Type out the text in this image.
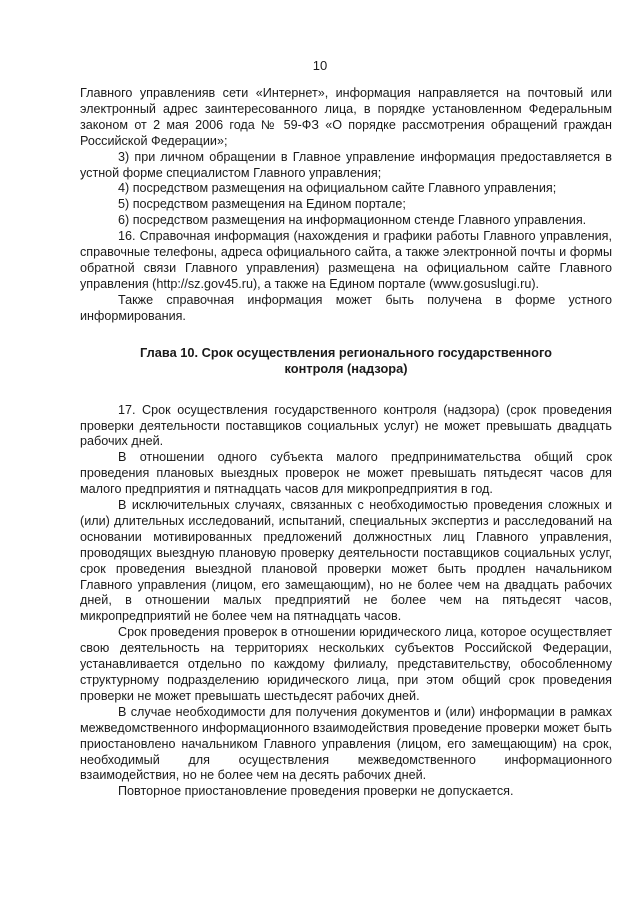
10

Главного управленияв сети «Интернет», информация направляется на почтовый или электронный адрес заинтересованного лица, в порядке установленном Федеральным законом от 2 мая 2006 года № 59-ФЗ «О порядке рассмотрения обращений граждан Российской Федерации»;

3) при личном обращении в Главное управление информация предоставляется в устной форме специалистом Главного управления;

4) посредством размещения на официальном сайте Главного управления;

5) посредством размещения на Едином портале;

6) посредством размещения на информационном стенде Главного управления.

16. Справочная информация (нахождения и графики работы Главного управления, справочные телефоны, адреса официального сайта, а также электронной почты и формы обратной связи Главного управления) размещена на официальном сайте Главного управления (http://sz.gov45.ru), а также на Едином портале (www.gosuslugi.ru).

Также справочная информация может быть получена в форме устного информирования.

Глава 10. Срок осуществления регионального государственного контроля (надзора)

17. Срок осуществления государственного контроля (надзора) (срок проведения проверки деятельности поставщиков социальных услуг) не может превышать двадцать рабочих дней.

В отношении одного субъекта малого предпринимательства общий срок проведения плановых выездных проверок не может превышать пятьдесят часов для малого предприятия и пятнадцать часов для микропредприятия в год.

В исключительных случаях, связанных с необходимостью проведения сложных и (или) длительных исследований, испытаний, специальных экспертиз и расследований на основании мотивированных предложений должностных лиц Главного управления, проводящих выездную плановую проверку деятельности поставщиков социальных услуг, срок проведения выездной плановой проверки может быть продлен начальником Главного управления (лицом, его замещающим), но не более чем на двадцать рабочих дней, в отношении малых предприятий не более чем на пятьдесят часов, микропредприятий не более чем на пятнадцать часов.

Срок проведения проверок в отношении юридического лица, которое осуществляет свою деятельность на территориях нескольких субъектов Российской Федерации, устанавливается отдельно по каждому филиалу, представительству, обособленному структурному подразделению юридического лица, при этом общий срок проведения проверки не может превышать шестьдесят рабочих дней.

В случае необходимости для получения документов и (или) информации в рамках межведомственного информационного взаимодействия проведение проверки может быть приостановлено начальником Главного управления (лицом, его замещающим) на срок, необходимый для осуществления межведомственного информационного взаимодействия, но не более чем на десять рабочих дней.

Повторное приостановление проведения проверки не допускается.
